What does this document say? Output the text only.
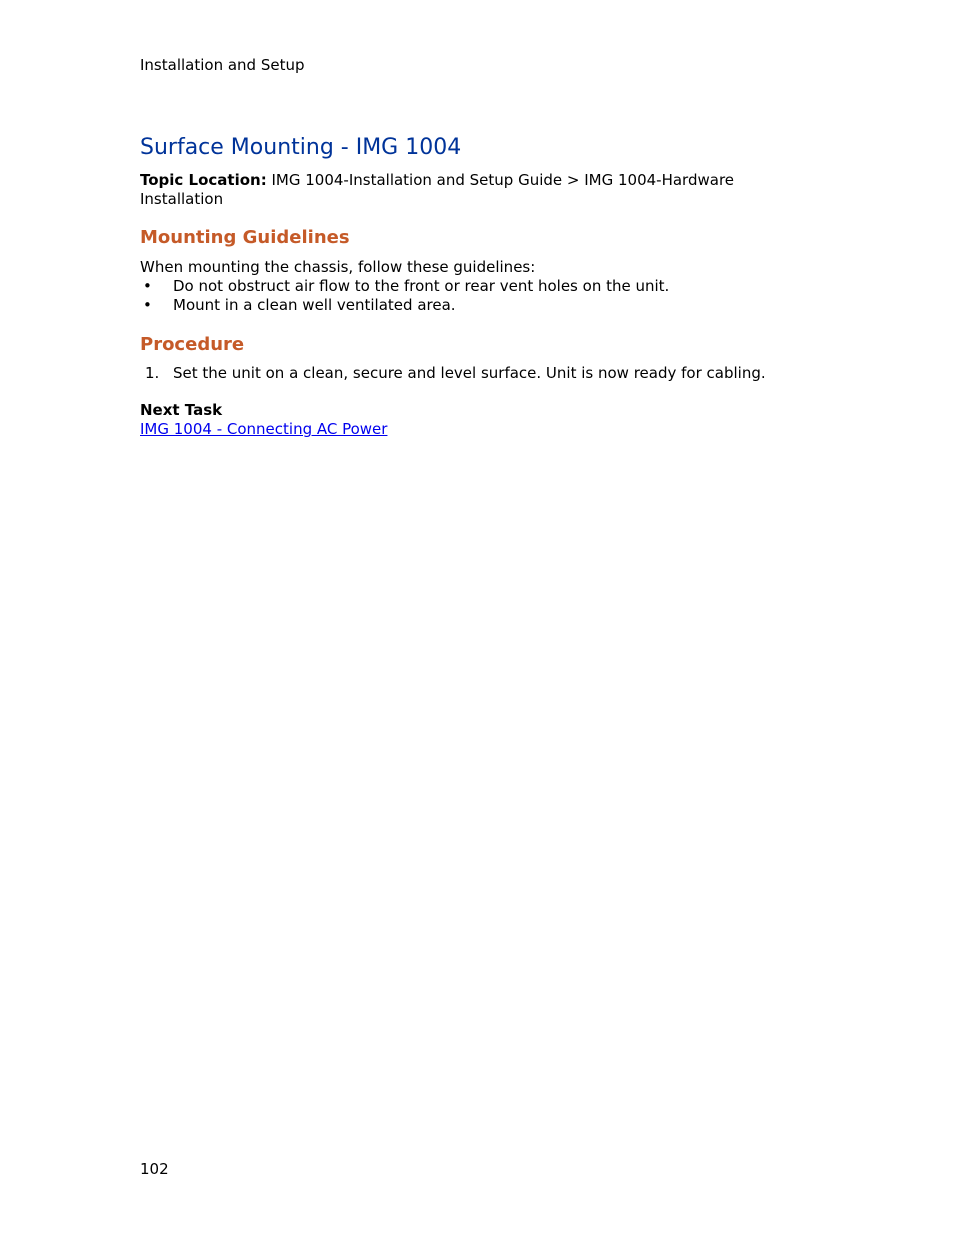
Installation and Setup
Surface Mounting - IMG 1004
Topic Location: IMG 1004-Installation and Setup Guide > IMG 1004-Hardware Installation
Mounting Guidelines
When mounting the chassis, follow these guidelines:
• Do not obstruct air flow to the front or rear vent holes on the unit.
• Mount in a clean well ventilated area.
Procedure
1. Set the unit on a clean, secure and level surface. Unit is now ready for cabling.
Next Task
IMG 1004 - Connecting AC Power
102
